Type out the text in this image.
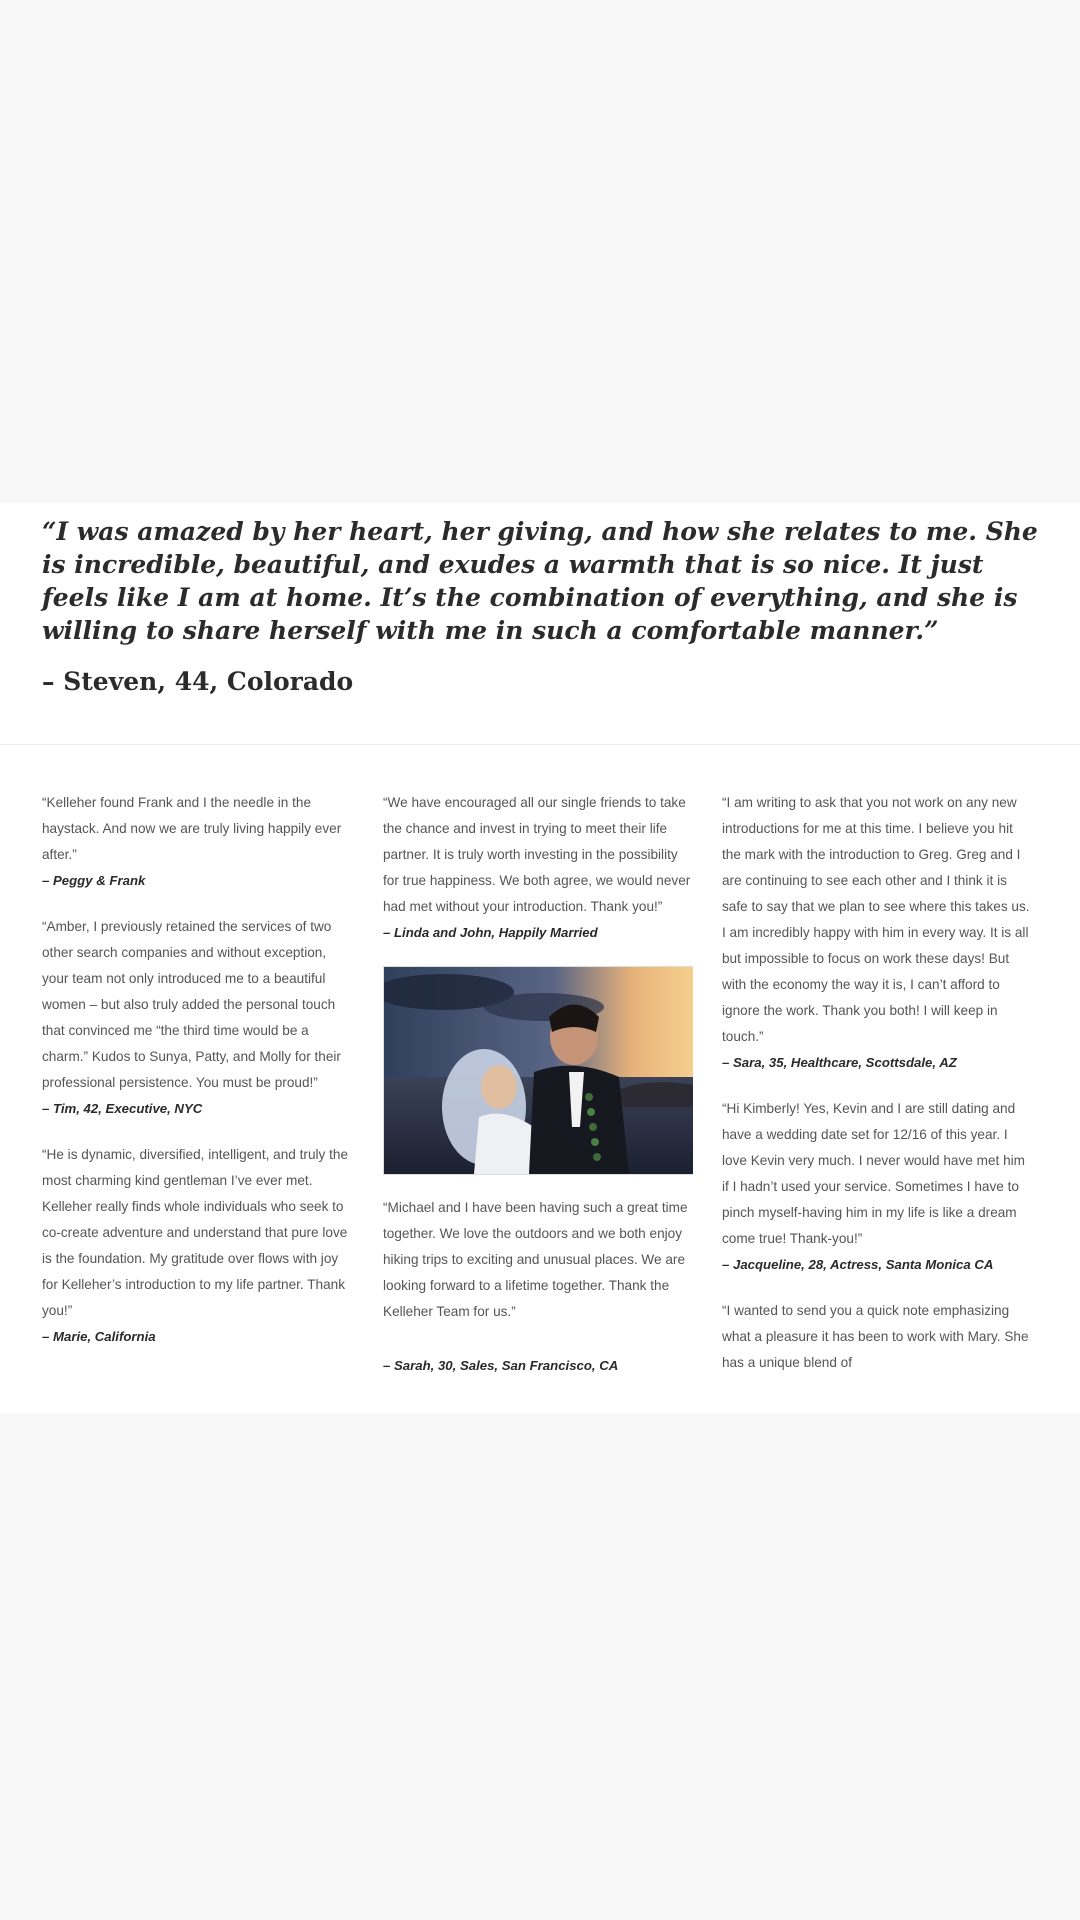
“I was amazed by her heart, her giving, and how she relates to me. She is incredible, beautiful, and exudes a warmth that is so nice. It just feels like I am at home. It’s the combination of everything, and she is willing to share herself with me in such a comfortable manner.”

– Steven, 44, Colorado

“Kelleher found Frank and I the needle in the haystack. And now we are truly living happily ever after.”

– Peggy & Frank

“Amber, I previously retained the services of two other search companies and without exception, your team not only introduced me to a beautiful women – but also truly added the personal touch that convinced me “the third time would be a charm.” Kudos to Sunya, Patty, and Molly for their professional persistence. You must be proud!”

– Tim, 42, Executive, NYC

“He is dynamic, diversified, intelligent, and truly the most charming kind gentleman I’ve ever met. Kelleher really finds whole individuals who seek to co-create adventure and understand that pure love is the foundation. My gratitude over flows with joy for Kelleher’s introduction to my life partner. Thank you!”

– Marie, California

“We have encouraged all our single friends to take the chance and invest in trying to meet their life partner. It is truly worth investing in the possibility for true happiness. We both agree, we would never had met without your introduction. Thank you!”

– Linda and John, Happily Married

“Michael and I have been having such a great time together. We love the outdoors and we both enjoy hiking trips to exciting and unusual places. We are looking forward to a lifetime together. Thank the Kelleher Team for us.”

– Sarah, 30, Sales, San Francisco, CA

“I am writing to ask that you not work on any new introductions for me at this time. I believe you hit the mark with the introduction to Greg. Greg and I are continuing to see each other and I think it is safe to say that we plan to see where this takes us. I am incredibly happy with him in every way. It is all but impossible to focus on work these days! But with the economy the way it is, I can’t afford to ignore the work. Thank you both! I will keep in touch.”

– Sara, 35, Healthcare, Scottsdale, AZ

“Hi Kimberly! Yes, Kevin and I are still dating and have a wedding date set for 12/16 of this year. I love Kevin very much. I never would have met him if I hadn’t used your service. Sometimes I have to pinch myself-having him in my life is like a dream come true! Thank-you!”

– Jacqueline, 28, Actress, Santa Monica CA

“I wanted to send you a quick note emphasizing what a pleasure it has been to work with Mary. She has a unique blend of
